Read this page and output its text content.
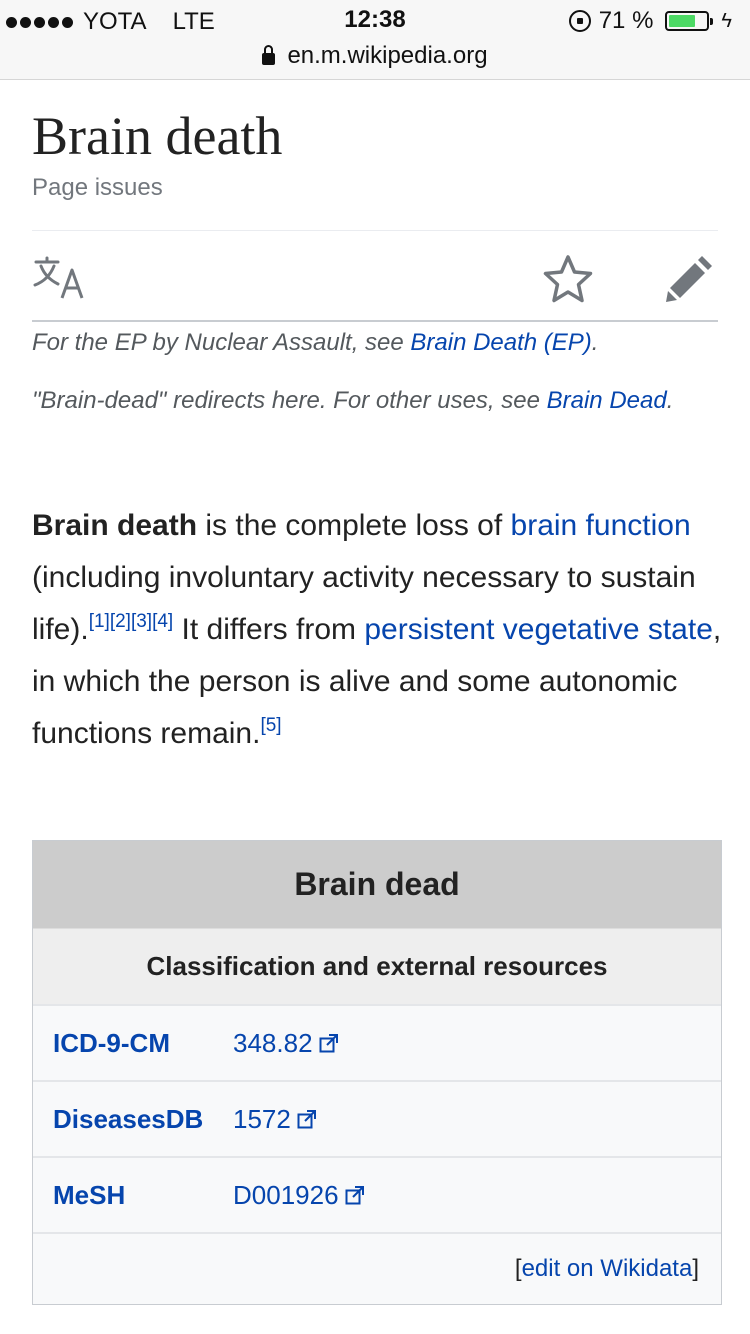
YOTA LTE	12:38	71 %	ϟ
en.m.wikipedia.org
Brain death
Page issues
For the EP by Nuclear Assault, see Brain Death (EP).
"Brain-dead" redirects here. For other uses, see Brain Dead.

Brain death is the complete loss of brain function (including involuntary activity necessary to sustain life).[1][2][3][4] It differs from persistent vegetative state, in which the person is alive and some autonomic functions remain.[5]

Brain dead
Classification and external resources
ICD-9-CM	348.82
DiseasesDB	1572
MeSH	D001926
[ edit on Wikidata ]
